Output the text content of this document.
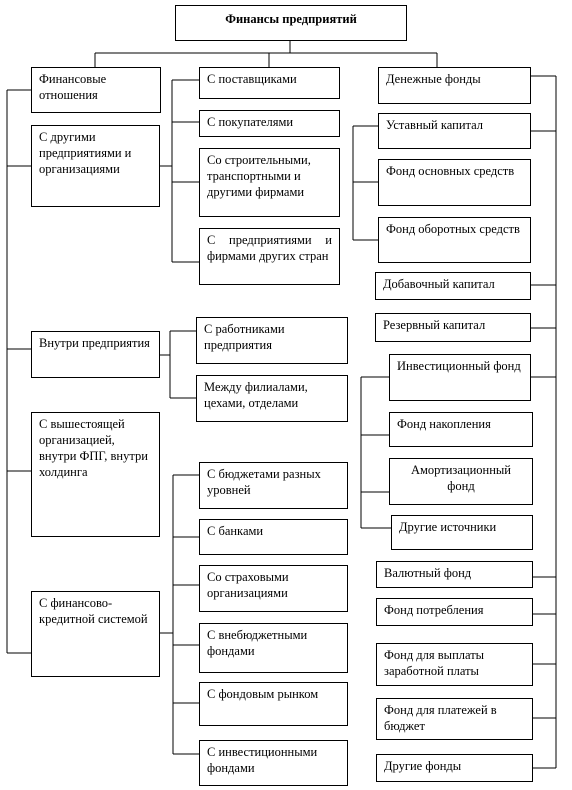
Финансы предприятий
Финансовые отношения
С другими предприятиями и организациями
Внутри предприятия
С вышестоящей организацией, внутри ФПГ, внутри холдинга
С финансово-кредитной системой
С поставщиками
С покупателями
Со строительными, транспортными и другими фирмами
С предприятиями и фирмами других стран
С работниками предприятия
Между филиалами, цехами, отделами
С бюджетами разных уровней
С банками
Со страховыми организациями
С внебюджетными фондами
С фондовым рынком
С инвестиционными фондами
Денежные фонды
Уставный капитал
Фонд основных средств
Фонд оборотных средств
Добавочный капитал
Резервный капитал
Инвестиционный фонд
Фонд накопления
Амортизационный фонд
Другие источники
Валютный фонд
Фонд потребления
Фонд для выплаты заработной платы
Фонд для платежей в бюджет
Другие фонды
